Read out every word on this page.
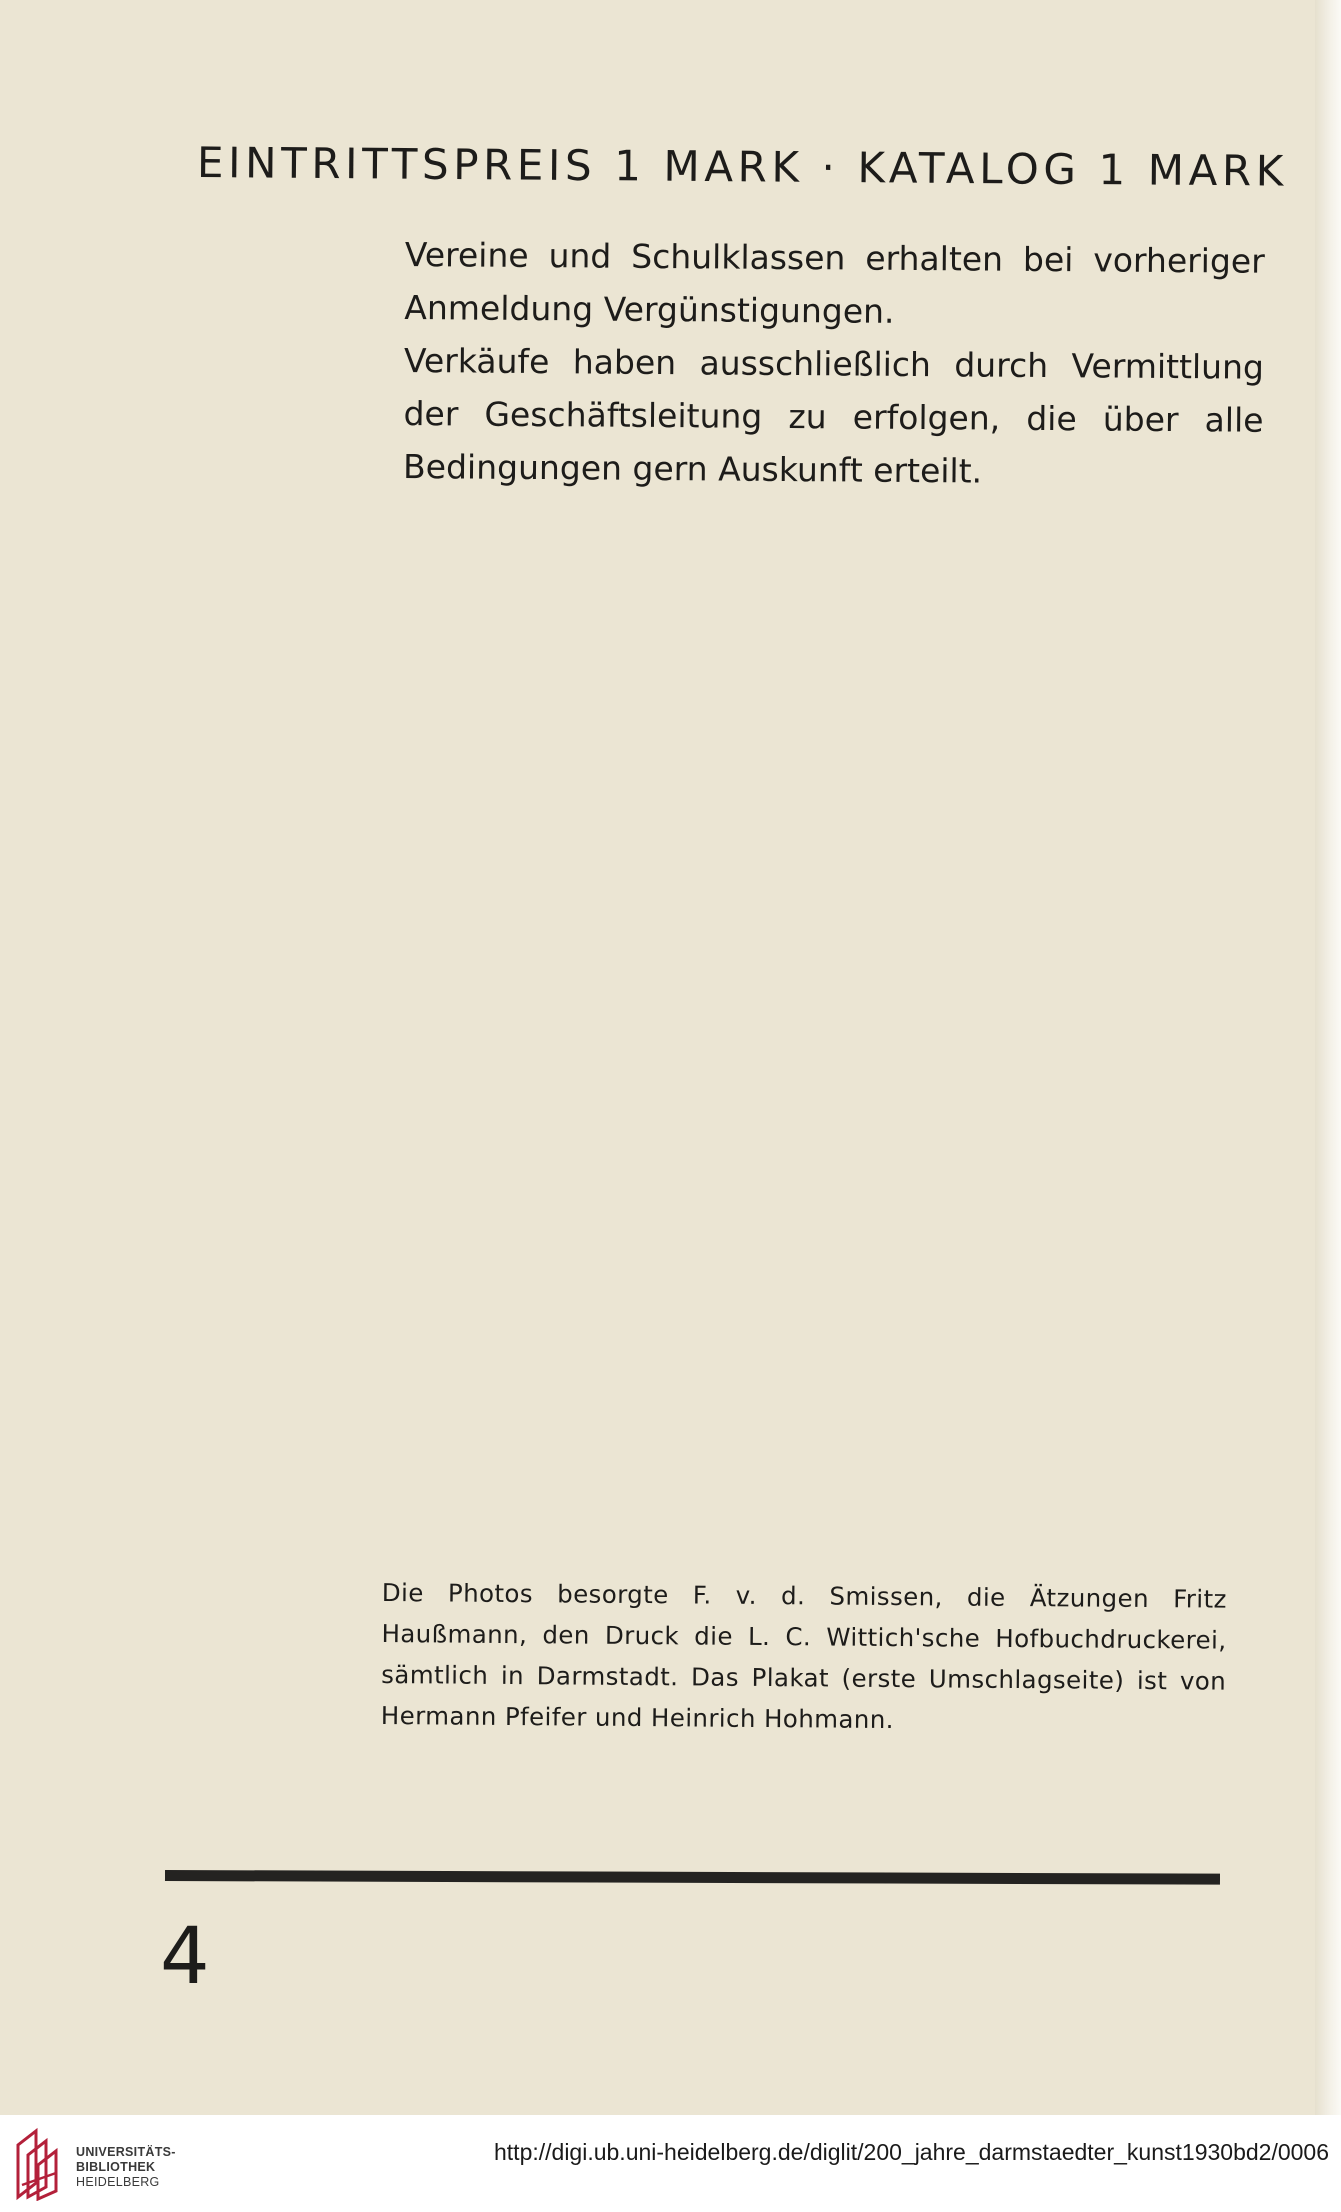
EINTRITTSPREIS 1 MARK · KATALOG 1 MARK

Vereine und Schulklassen erhalten bei vorheriger Anmeldung Vergünstigungen.

Verkäufe haben ausschließlich durch Vermittlung der Geschäftsleitung zu erfolgen, die über alle Bedingungen gern Auskunft erteilt.

Die Photos besorgte F. v. d. Smissen, die Ätzungen Fritz Haußmann, den Druck die L. C. Wittich'sche Hofbuchdruckerei, sämtlich in Darmstadt. Das Plakat (erste Umschlagseite) ist von Hermann Pfeifer und Heinrich Hohmann.

4
UNIVERSITÄTS-
BIBLIOTHEK
HEIDELBERG
http://digi.ub.uni-heidelberg.de/diglit/200_jahre_darmstaedter_kunst1930bd2/0006
